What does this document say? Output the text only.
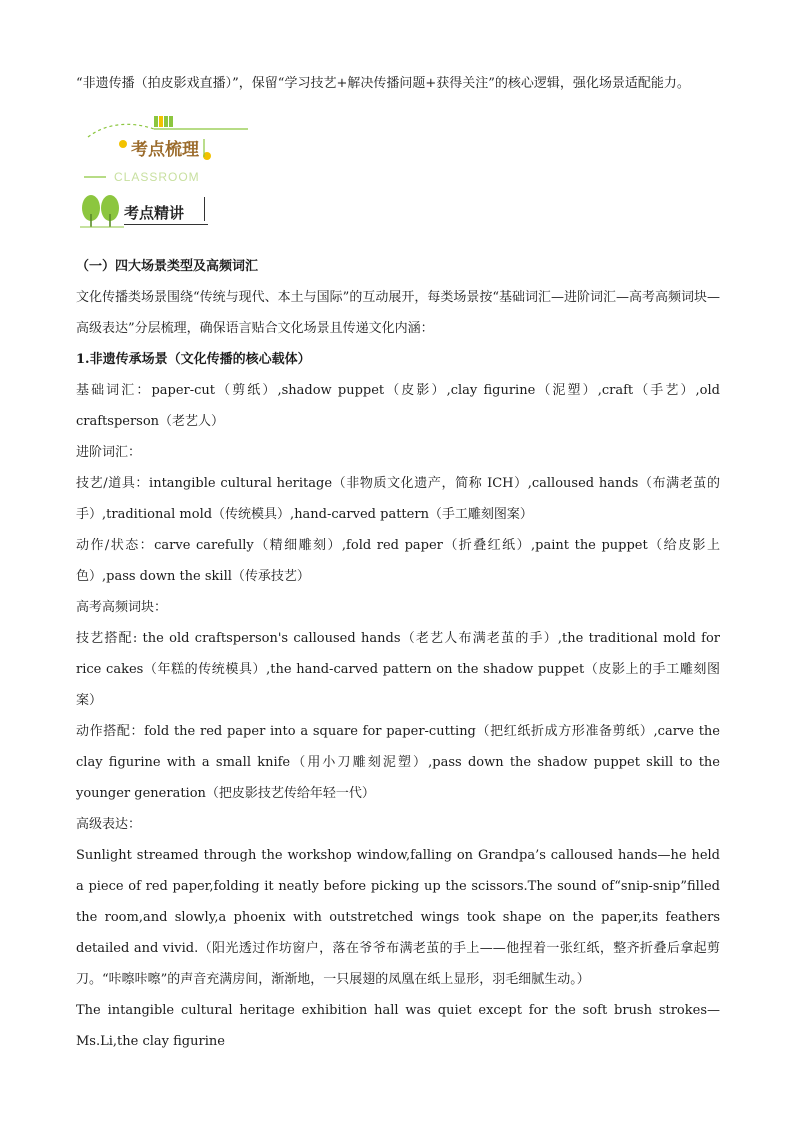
“非遗传播（拍皮影戏直播）”，保留“学习技艺+解决传播问题+获得关注”的核心逻辑，强化场景适配能力。

考点梳理
CLASSROOM
考点精讲

（一）四大场景类型及高频词汇

文化传播类场景围绕“传统与现代、本土与国际”的互动展开，每类场景按“基础词汇—进阶词汇—高考高频词块—高级表达”分层梳理，确保语言贴合文化场景且传递文化内涵：

1.非遗传承场景（文化传播的核心载体）

基础词汇：paper-cut（剪纸）,shadow puppet（皮影）,clay figurine（泥塑）,craft（手艺）,old craftsperson（老艺人）

进阶词汇：

技艺/道具：intangible cultural heritage（非物质文化遗产，简称 ICH）,calloused hands（布满老茧的手）,traditional mold（传统模具）,hand-carved pattern（手工雕刻图案）

动作/状态：carve carefully（精细雕刻）,fold red paper（折叠红纸）,paint the puppet（给皮影上色）,pass down the skill（传承技艺）

高考高频词块：

技艺搭配: the old craftsperson's calloused hands（老艺人布满老茧的手）,the traditional mold for rice cakes（年糕的传统模具）,the hand-carved pattern on the shadow puppet（皮影上的手工雕刻图案）

动作搭配：fold the red paper into a square for paper-cutting（把红纸折成方形准备剪纸）,carve the clay figurine with a small knife（用小刀雕刻泥塑）,pass down the shadow puppet skill to the younger generation（把皮影技艺传给年轻一代）

高级表达：

Sunlight streamed through the workshop window,falling on Grandpa’s calloused hands—he held a piece of red paper,folding it neatly before picking up the scissors.The sound of“snip-snip”filled the room,and slowly,a phoenix with outstretched wings took shape on the paper,its feathers detailed and vivid.（阳光透过作坊窗户，落在爷爷布满老茧的手上——他捏着一张红纸，整齐折叠后拿起剪刀。“咔嚓咔嚓”的声音充满房间，渐渐地，一只展翅的凤凰在纸上显形，羽毛细腻生动。）

The intangible cultural heritage exhibition hall was quiet except for the soft brush strokes—Ms.Li,the clay figurine
